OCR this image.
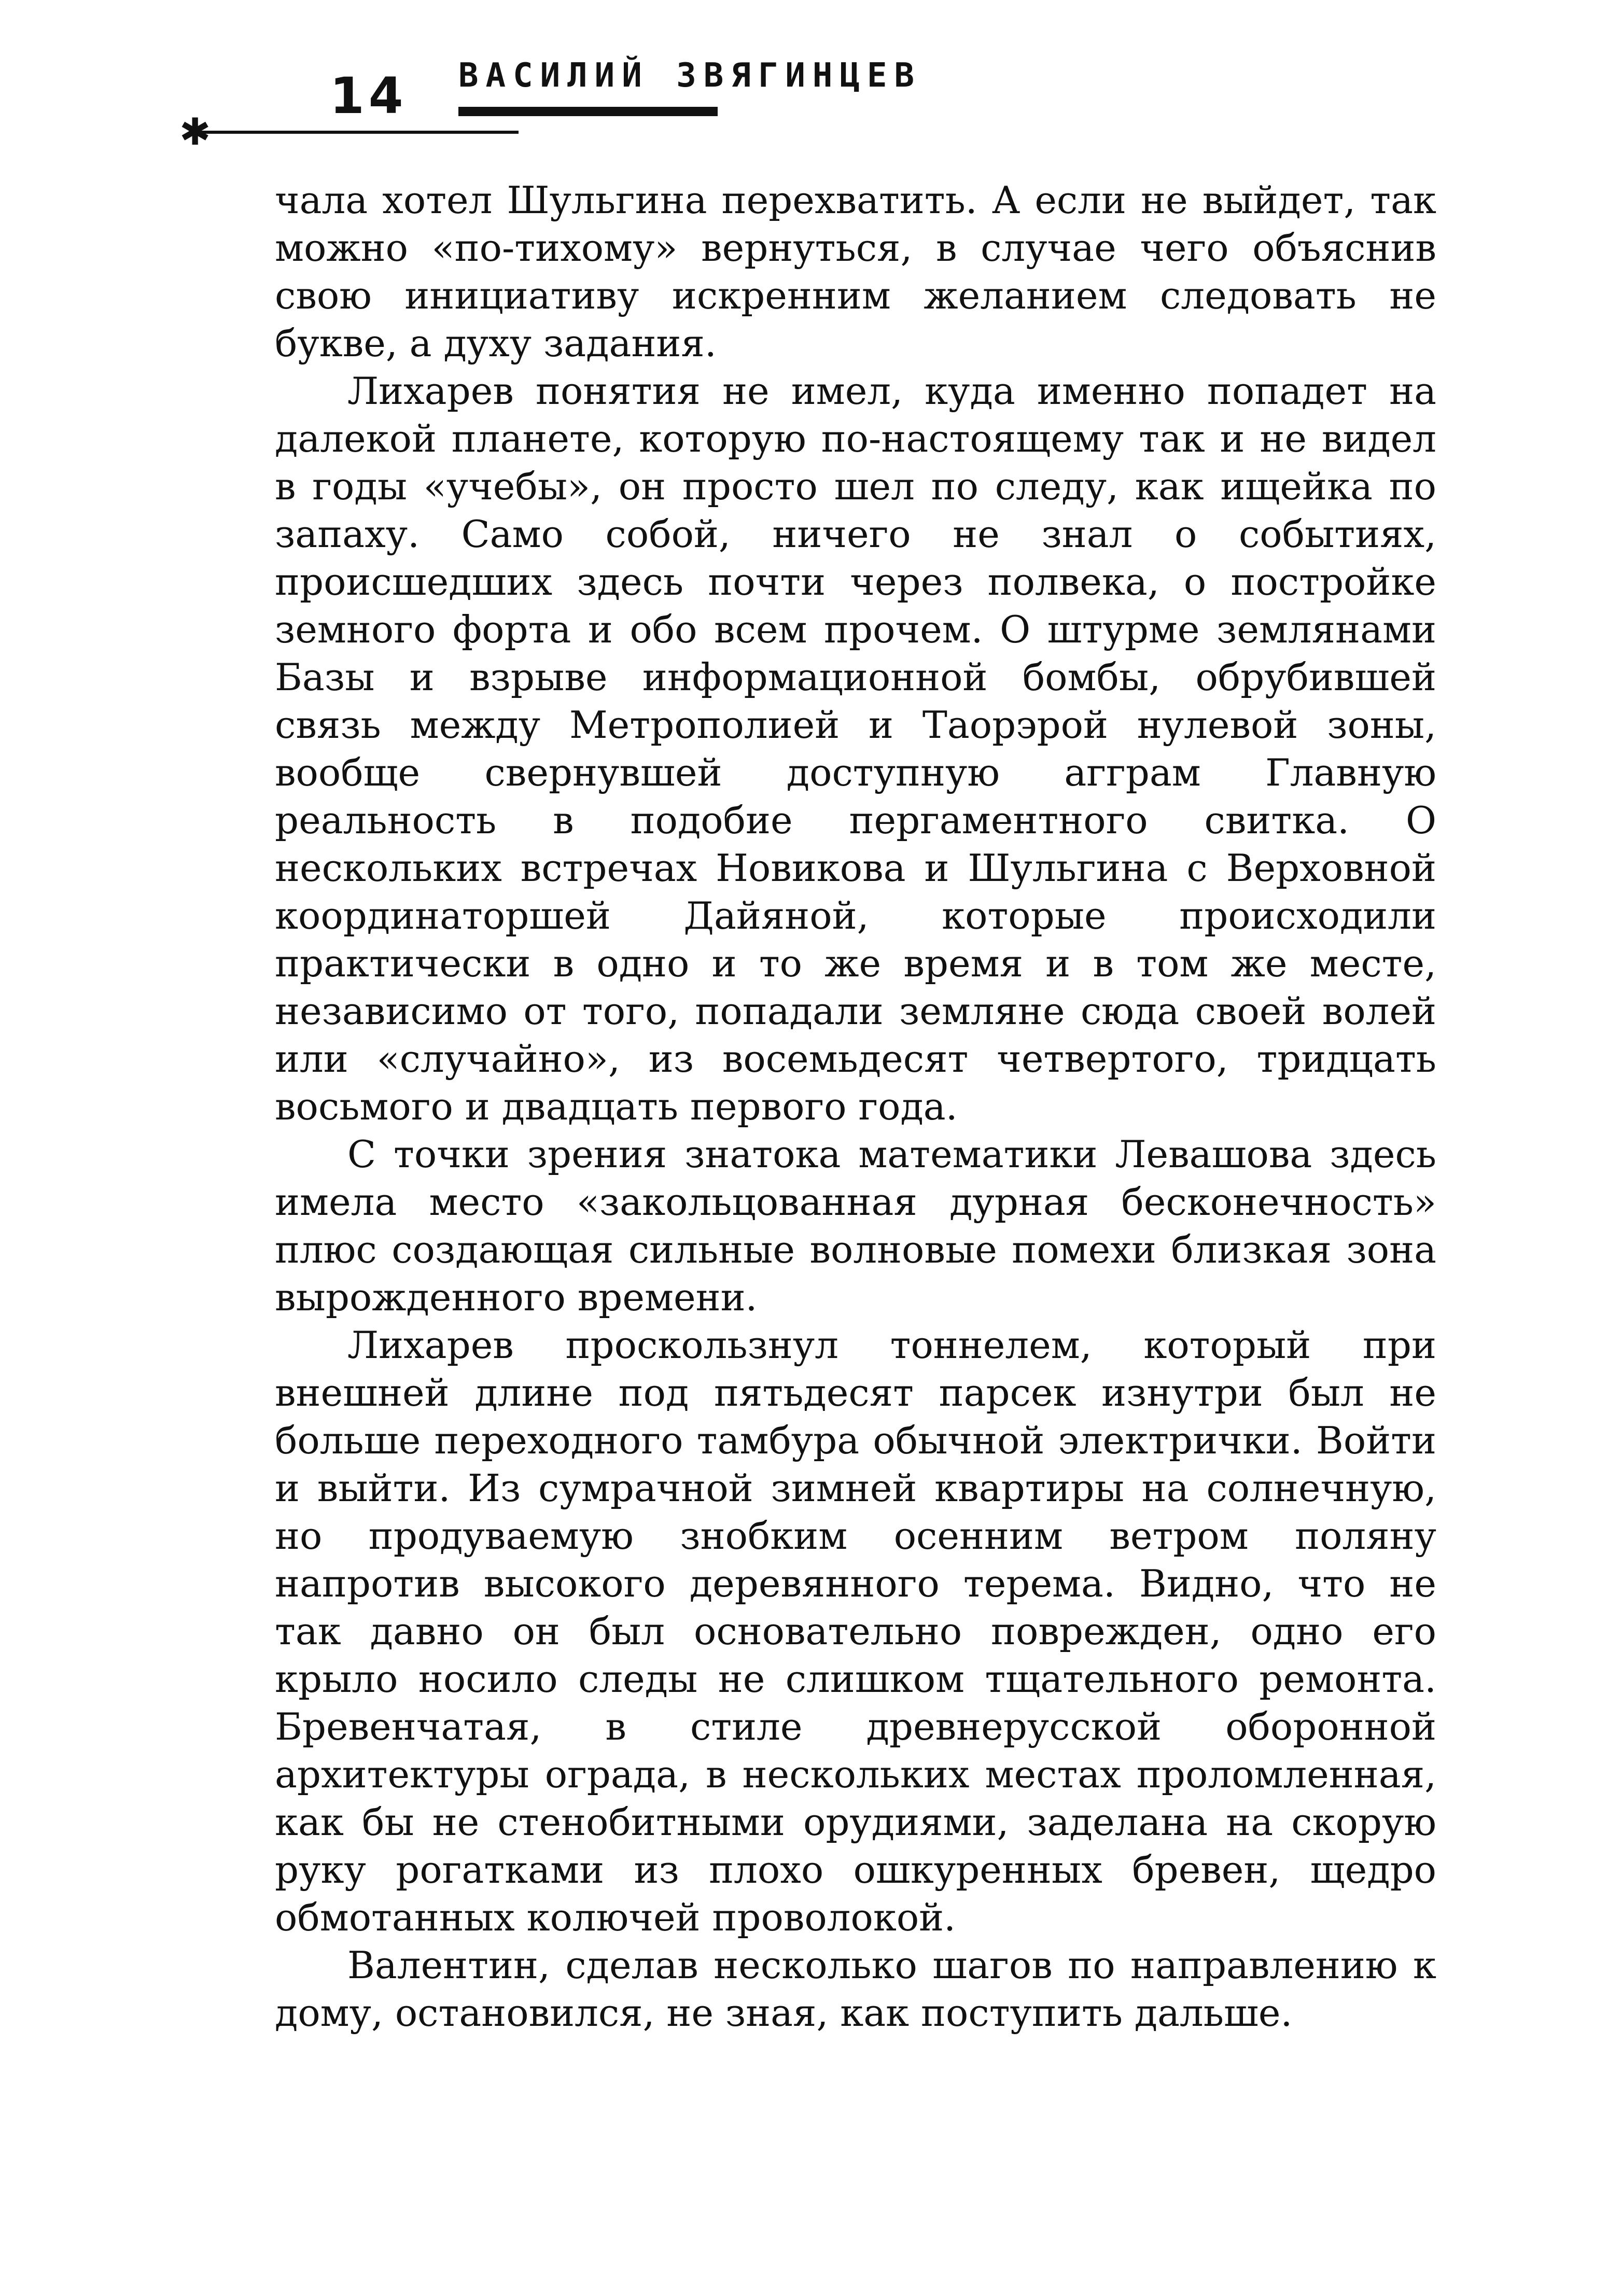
14 ВАСИЛИЙ ЗВЯГИНЦЕВ
✱

чала хотел Шульгина перехватить. А если не выйдет, так можно «по-тихому» вернуться, в случае чего объяснив свою инициативу искренним желанием следовать не букве, а духу задания.

Лихарев понятия не имел, куда именно попадет на далекой планете, которую по-настоящему так и не видел в годы «учебы», он просто шел по следу, как ищейка по запаху. Само собой, ничего не знал о событиях, происшедших здесь почти через полвека, о постройке земного форта и обо всем прочем. О штурме землянами Базы и взрыве информационной бомбы, обрубившей связь между Метрополией и Таорэрой нулевой зоны, вообще свернувшей доступную аггрaм Главную реальность в подобие пергаментного свитка. О нескольких встречах Новикова и Шульгина с Верховной координаторшей Дайяной, которые происходили практически в одно и то же время и в том же месте, независимо от того, попадали земляне сюда своей волей или «случайно», из восемьдесят четвертого, тридцать восьмого и двадцать первого года.

С точки зрения знатока математики Левашова здесь имела место «закольцованная дурная бесконечность» плюс создающая сильные волновые помехи близкая зона вырожденного времени.

Лихарев проскользнул тоннелем, который при внешней длине под пятьдесят парсек изнутри был не больше переходного тамбура обычной электрички. Войти и выйти. Из сумрачной зимней квартиры на солнечную, но продуваемую знобким осенним ветром поляну напротив высокого деревянного терема. Видно, что не так давно он был основательно поврежден, одно его крыло носило следы не слишком тщательного ремонта. Бревенчатая, в стиле древнерусской оборонной архитектуры ограда, в нескольких местах проломленная, как бы не стенобитными орудиями, заделана на скорую руку рогатками из плохо ошкуренных бревен, щедро обмотанных колючей проволокой.

Валентин, сделав несколько шагов по направлению к дому, остановился, не зная, как поступить дальше.
